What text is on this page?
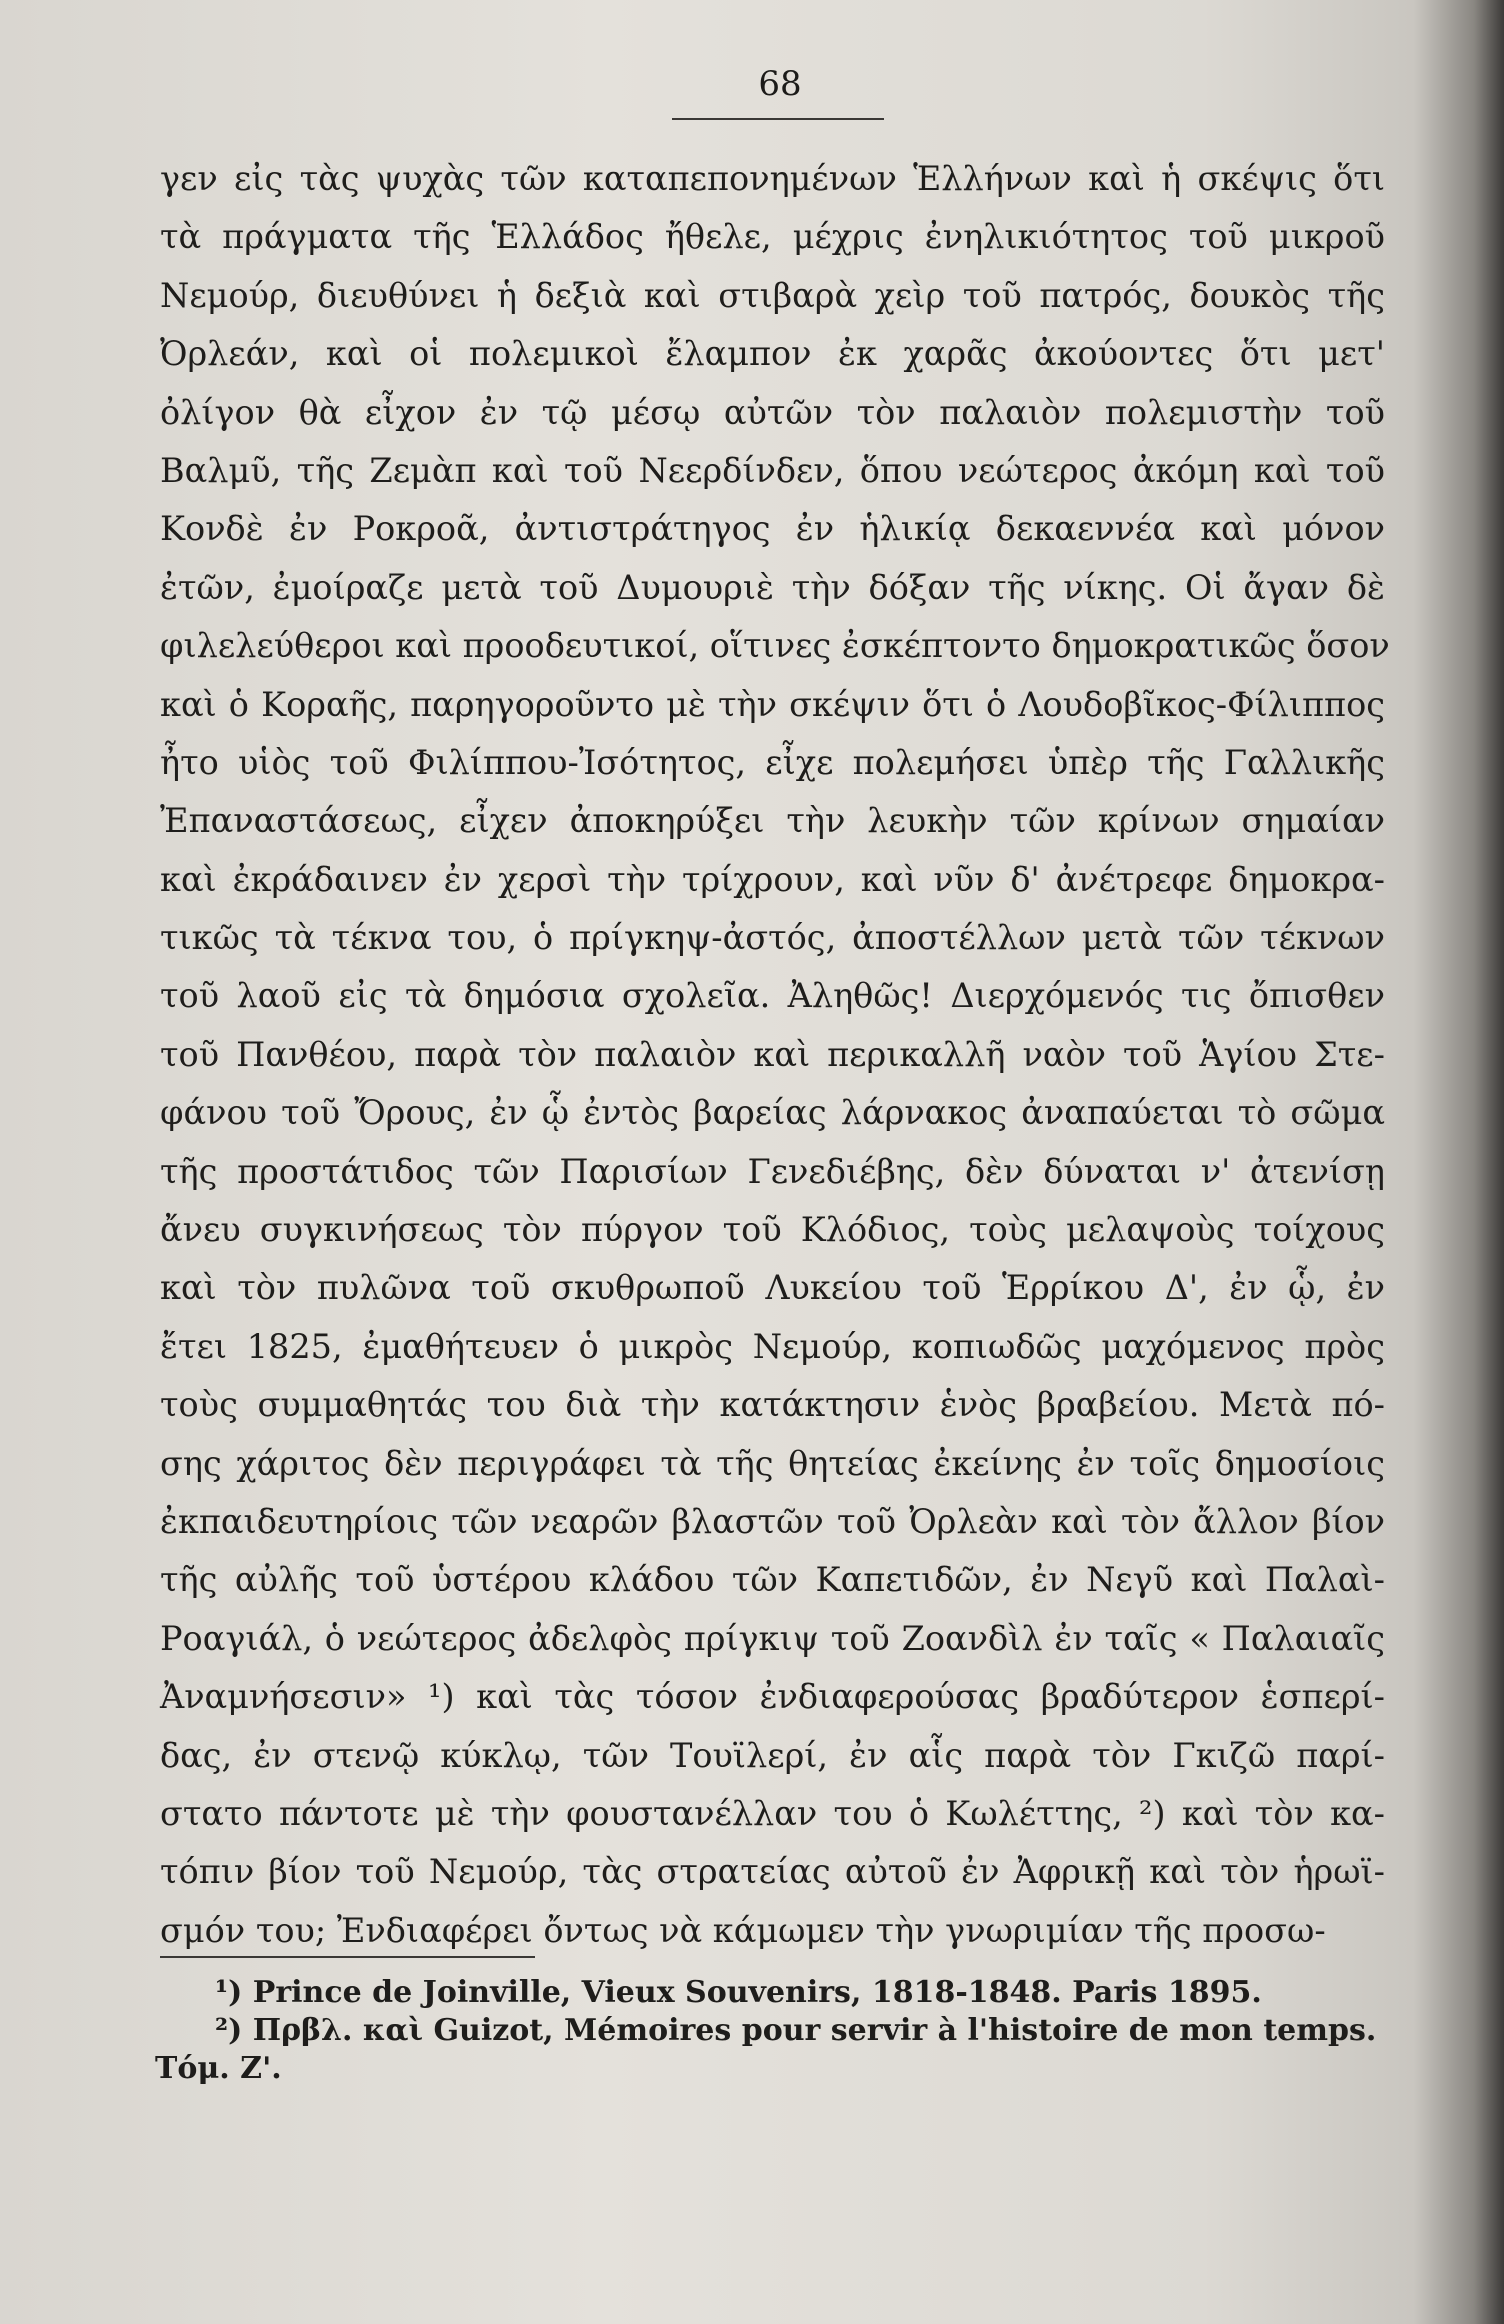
68
γεν εἰς τὰς ψυχὰς τῶν καταπεπονημένων Ἑλλήνων καὶ ἡ σκέψις ὅτι
τὰ πράγματα τῆς Ἑλλάδος ἤθελε, μέχρις ἐνηλικιότητος τοῦ μικροῦ
Νεμούρ, διευθύνει ἡ δεξιὰ καὶ στιβαρὰ χεὶρ τοῦ πατρός, δουκὸς τῆς
Ὀρλεάν, καὶ οἱ πολεμικοὶ ἔλαμπον ἐκ χαρᾶς ἀκούοντες ὅτι μετ'
ὀλίγον θὰ εἶχον ἐν τῷ μέσῳ αὐτῶν τὸν παλαιὸν πολεμιστὴν τοῦ
Βαλμῦ, τῆς Ζεμὰπ καὶ τοῦ Νεερδίνδεν, ὅπου νεώτερος ἀκόμη καὶ τοῦ
Κονδὲ ἐν Ροκροᾶ, ἀντιστράτηγος ἐν ἡλικίᾳ δεκαεννέα καὶ μόνον
ἐτῶν, ἐμοίραζε μετὰ τοῦ Δυμουριὲ τὴν δόξαν τῆς νίκης. Οἱ ἄγαν δὲ
φιλελεύθεροι καὶ προοδευτικοί, οἵτινες ἐσκέπτοντο δημοκρατικῶς ὅσον
καὶ ὁ Κοραῆς, παρηγοροῦντο μὲ τὴν σκέψιν ὅτι ὁ Λουδοβῖκος-Φίλιππος
ἦτο υἱὸς τοῦ Φιλίππου-Ἰσότητος, εἶχε πολεμήσει ὑπὲρ τῆς Γαλλικῆς
Ἐπαναστάσεως, εἶχεν ἀποκηρύξει τὴν λευκὴν τῶν κρίνων σημαίαν
καὶ ἐκράδαινεν ἐν χερσὶ τὴν τρίχρουν, καὶ νῦν δ' ἀνέτρεφε δημοκρα-
τικῶς τὰ τέκνα του, ὁ πρίγκηψ-ἀστός, ἀποστέλλων μετὰ τῶν τέκνων
τοῦ λαοῦ εἰς τὰ δημόσια σχολεῖα. Ἀληθῶς! Διερχόμενός τις ὄπισθεν
τοῦ Πανθέου, παρὰ τὸν παλαιὸν καὶ περικαλλῆ ναὸν τοῦ Ἁγίου Στε-
φάνου τοῦ Ὄρους, ἐν ᾧ ἐντὸς βαρείας λάρνακος ἀναπαύεται τὸ σῶμα
τῆς προστάτιδος τῶν Παρισίων Γενεδιέβης, δὲν δύναται ν' ἀτενίσῃ
ἄνευ συγκινήσεως τὸν πύργον τοῦ Κλόδιος, τοὺς μελαψοὺς τοίχους
καὶ τὸν πυλῶνα τοῦ σκυθρωποῦ Λυκείου τοῦ Ἑρρίκου Δ', ἐν ᾧ, ἐν
ἔτει 1825, ἐμαθήτευεν ὁ μικρὸς Νεμούρ, κοπιωδῶς μαχόμενος πρὸς
τοὺς συμμαθητάς του διὰ τὴν κατάκτησιν ἑνὸς βραβείου. Μετὰ πό-
σης χάριτος δὲν περιγράφει τὰ τῆς θητείας ἐκείνης ἐν τοῖς δημοσίοις
ἐκπαιδευτηρίοις τῶν νεαρῶν βλαστῶν τοῦ Ὀρλεὰν καὶ τὸν ἄλλον βίον
τῆς αὐλῆς τοῦ ὑστέρου κλάδου τῶν Καπετιδῶν, ἐν Νεγῦ καὶ Παλαὶ-
Ροαγιάλ, ὁ νεώτερος ἀδελφὸς πρίγκιψ τοῦ Ζοανδὶλ ἐν ταῖς « Παλαιαῖς
Ἀναμνήσεσιν» ¹) καὶ τὰς τόσον ἐνδιαφερούσας βραδύτερον ἑσπερί-
δας, ἐν στενῷ κύκλῳ, τῶν Τουϊλερί, ἐν αἷς παρὰ τὸν Γκιζῶ παρί-
στατο πάντοτε μὲ τὴν φουστανέλλαν του ὁ Κωλέττης, ²) καὶ τὸν κα-
τόπιν βίον τοῦ Νεμούρ, τὰς στρατείας αὐτοῦ ἐν Ἀφρικῇ καὶ τὸν ἡρωϊ-
σμόν του; Ἐνδιαφέρει ὄντως νὰ κάμωμεν τὴν γνωριμίαν τῆς προσω-
¹) Prince de Joinville, Vieux Souvenirs, 1818-1848. Paris 1895.
²) Πρβλ. καὶ Guizot, Mémoires pour servir à l'histoire de mon temps.
Τόμ. Ζ'.
